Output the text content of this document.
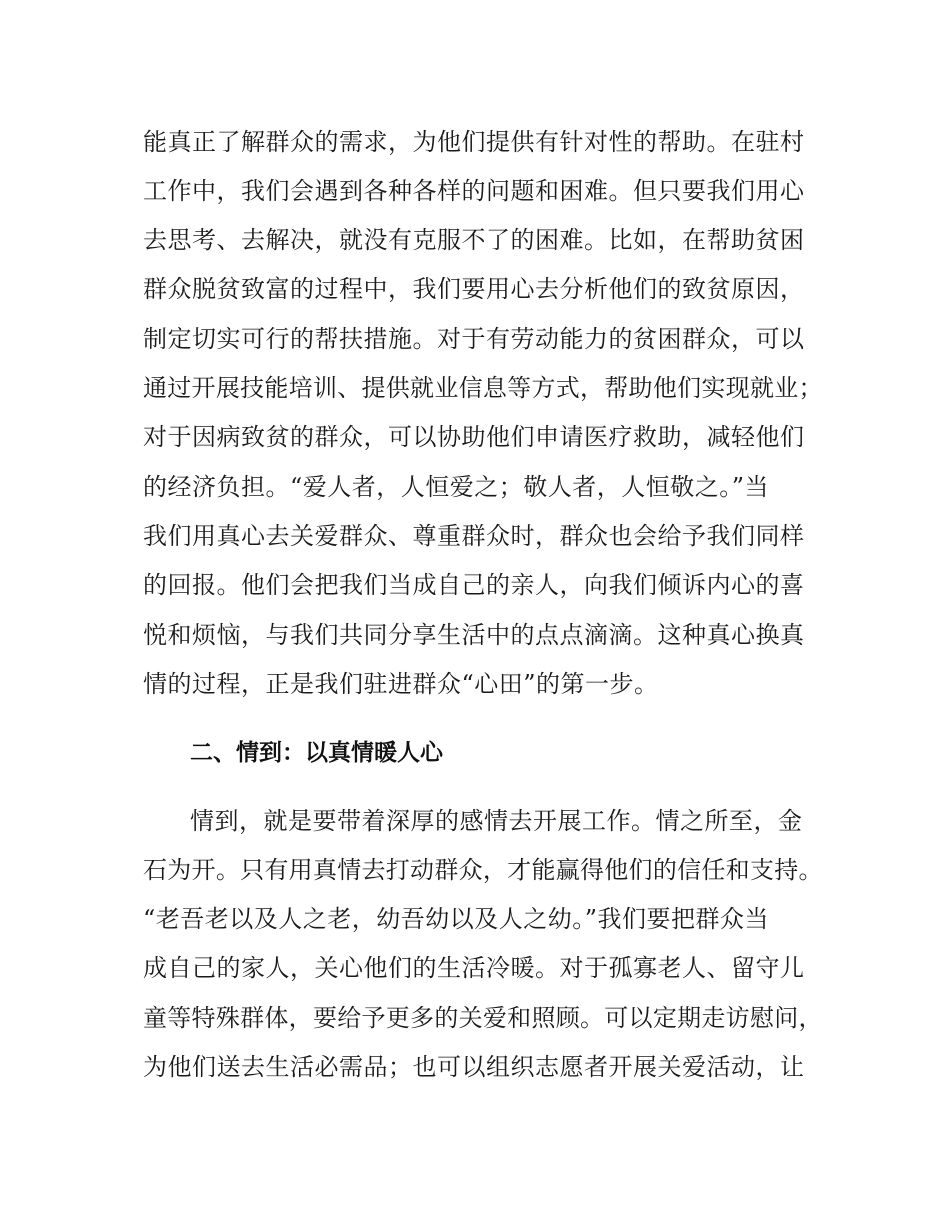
能真正了解群众的需求，为他们提供有针对性的帮助。在驻村
工作中，我们会遇到各种各样的问题和困难。但只要我们用心
去思考、去解决，就没有克服不了的困难。比如，在帮助贫困
群众脱贫致富的过程中，我们要用心去分析他们的致贫原因，
制定切实可行的帮扶措施。对于有劳动能力的贫困群众，可以
通过开展技能培训、提供就业信息等方式，帮助他们实现就业；
对于因病致贫的群众，可以协助他们申请医疗救助，减轻他们
的经济负担。“爱人者，人恒爱之；敬人者，人恒敬之。”当
我们用真心去关爱群众、尊重群众时，群众也会给予我们同样
的回报。他们会把我们当成自己的亲人，向我们倾诉内心的喜
悦和烦恼，与我们共同分享生活中的点点滴滴。这种真心换真
情的过程，正是我们驻进群众“心田”的第一步。
二、情到：以真情暖人心
情到，就是要带着深厚的感情去开展工作。情之所至，金
石为开。只有用真情去打动群众，才能赢得他们的信任和支持。
“老吾老以及人之老，幼吾幼以及人之幼。”我们要把群众当
成自己的家人，关心他们的生活冷暖。对于孤寡老人、留守儿
童等特殊群体，要给予更多的关爱和照顾。可以定期走访慰问，
为他们送去生活必需品；也可以组织志愿者开展关爱活动，让
